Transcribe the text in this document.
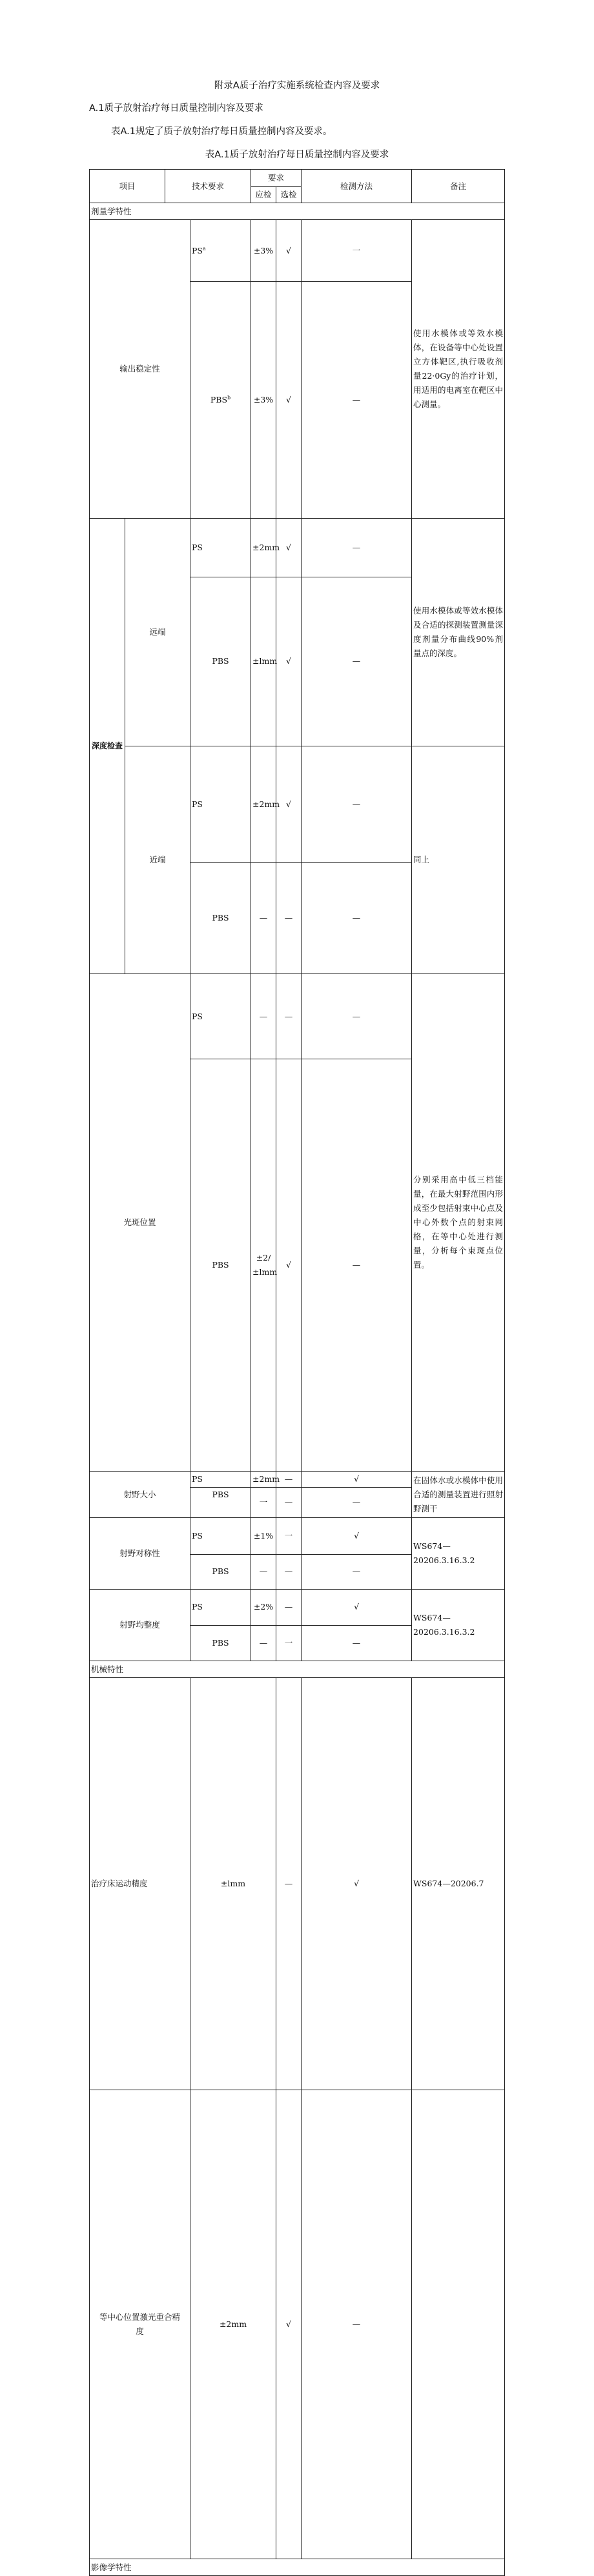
附录A质子治疗实施系统检查内容及要求
A.1质子放射治疗每日质量控制内容及要求
表A.1规定了质子放射治疗每日质量控制内容及要求。
表A.1质子放射治疗每日质量控制内容及要求
项目		技术要求		要求		检测方法	备注	
				应检	选检			
剂量学特性								
输出稳定性			$PS^a$	±3%	√	一	使用水模体或等效水模体，在设备等中心处设置立方体靶区,执行吸收剂量22·0Gy的治疗计划，用适用的电离室在靶区中心测量。	
			$PBS^b$	±3%	√	—		
深度检查	远端		PS	±2mm	√	—	使用水模体或等效水模体及合适的探测装置测量深度剂量分布曲线90%剂量点的深度。	
			PBS	±lmm	√	—		
	近端		PS	±2mm	√	—	同上	
			PBS	—	—	—		
光斑位置			PS	—	—	—	分别采用高中低三档能量，在最大射野范围内形成至少包括射束中心点及中心外数个点的射束网格，在等中心处进行测量，分析每个束斑点位置。	
			PBS	±2/±lmm	√	—		
射野大小			PS	±2mm	—	√	在固体水或水模体中使用合适的测量装置进行照射野测干	
			PBS	一	—	—		
射野对称性			PS	±1%	一	√	WS674—20206.3.16.3.2	
			PBS	—	—	—		
射野均整度			PS	±2%	—	√	WS674—20206.3.16.3.2	
			PBS	—	一	—		
机械特性								
治疗床运动精度			±lmm		—	√	WS674—20206.7	
等中心位置激光重合精度			±2mm		√	—		
影像学特性								
